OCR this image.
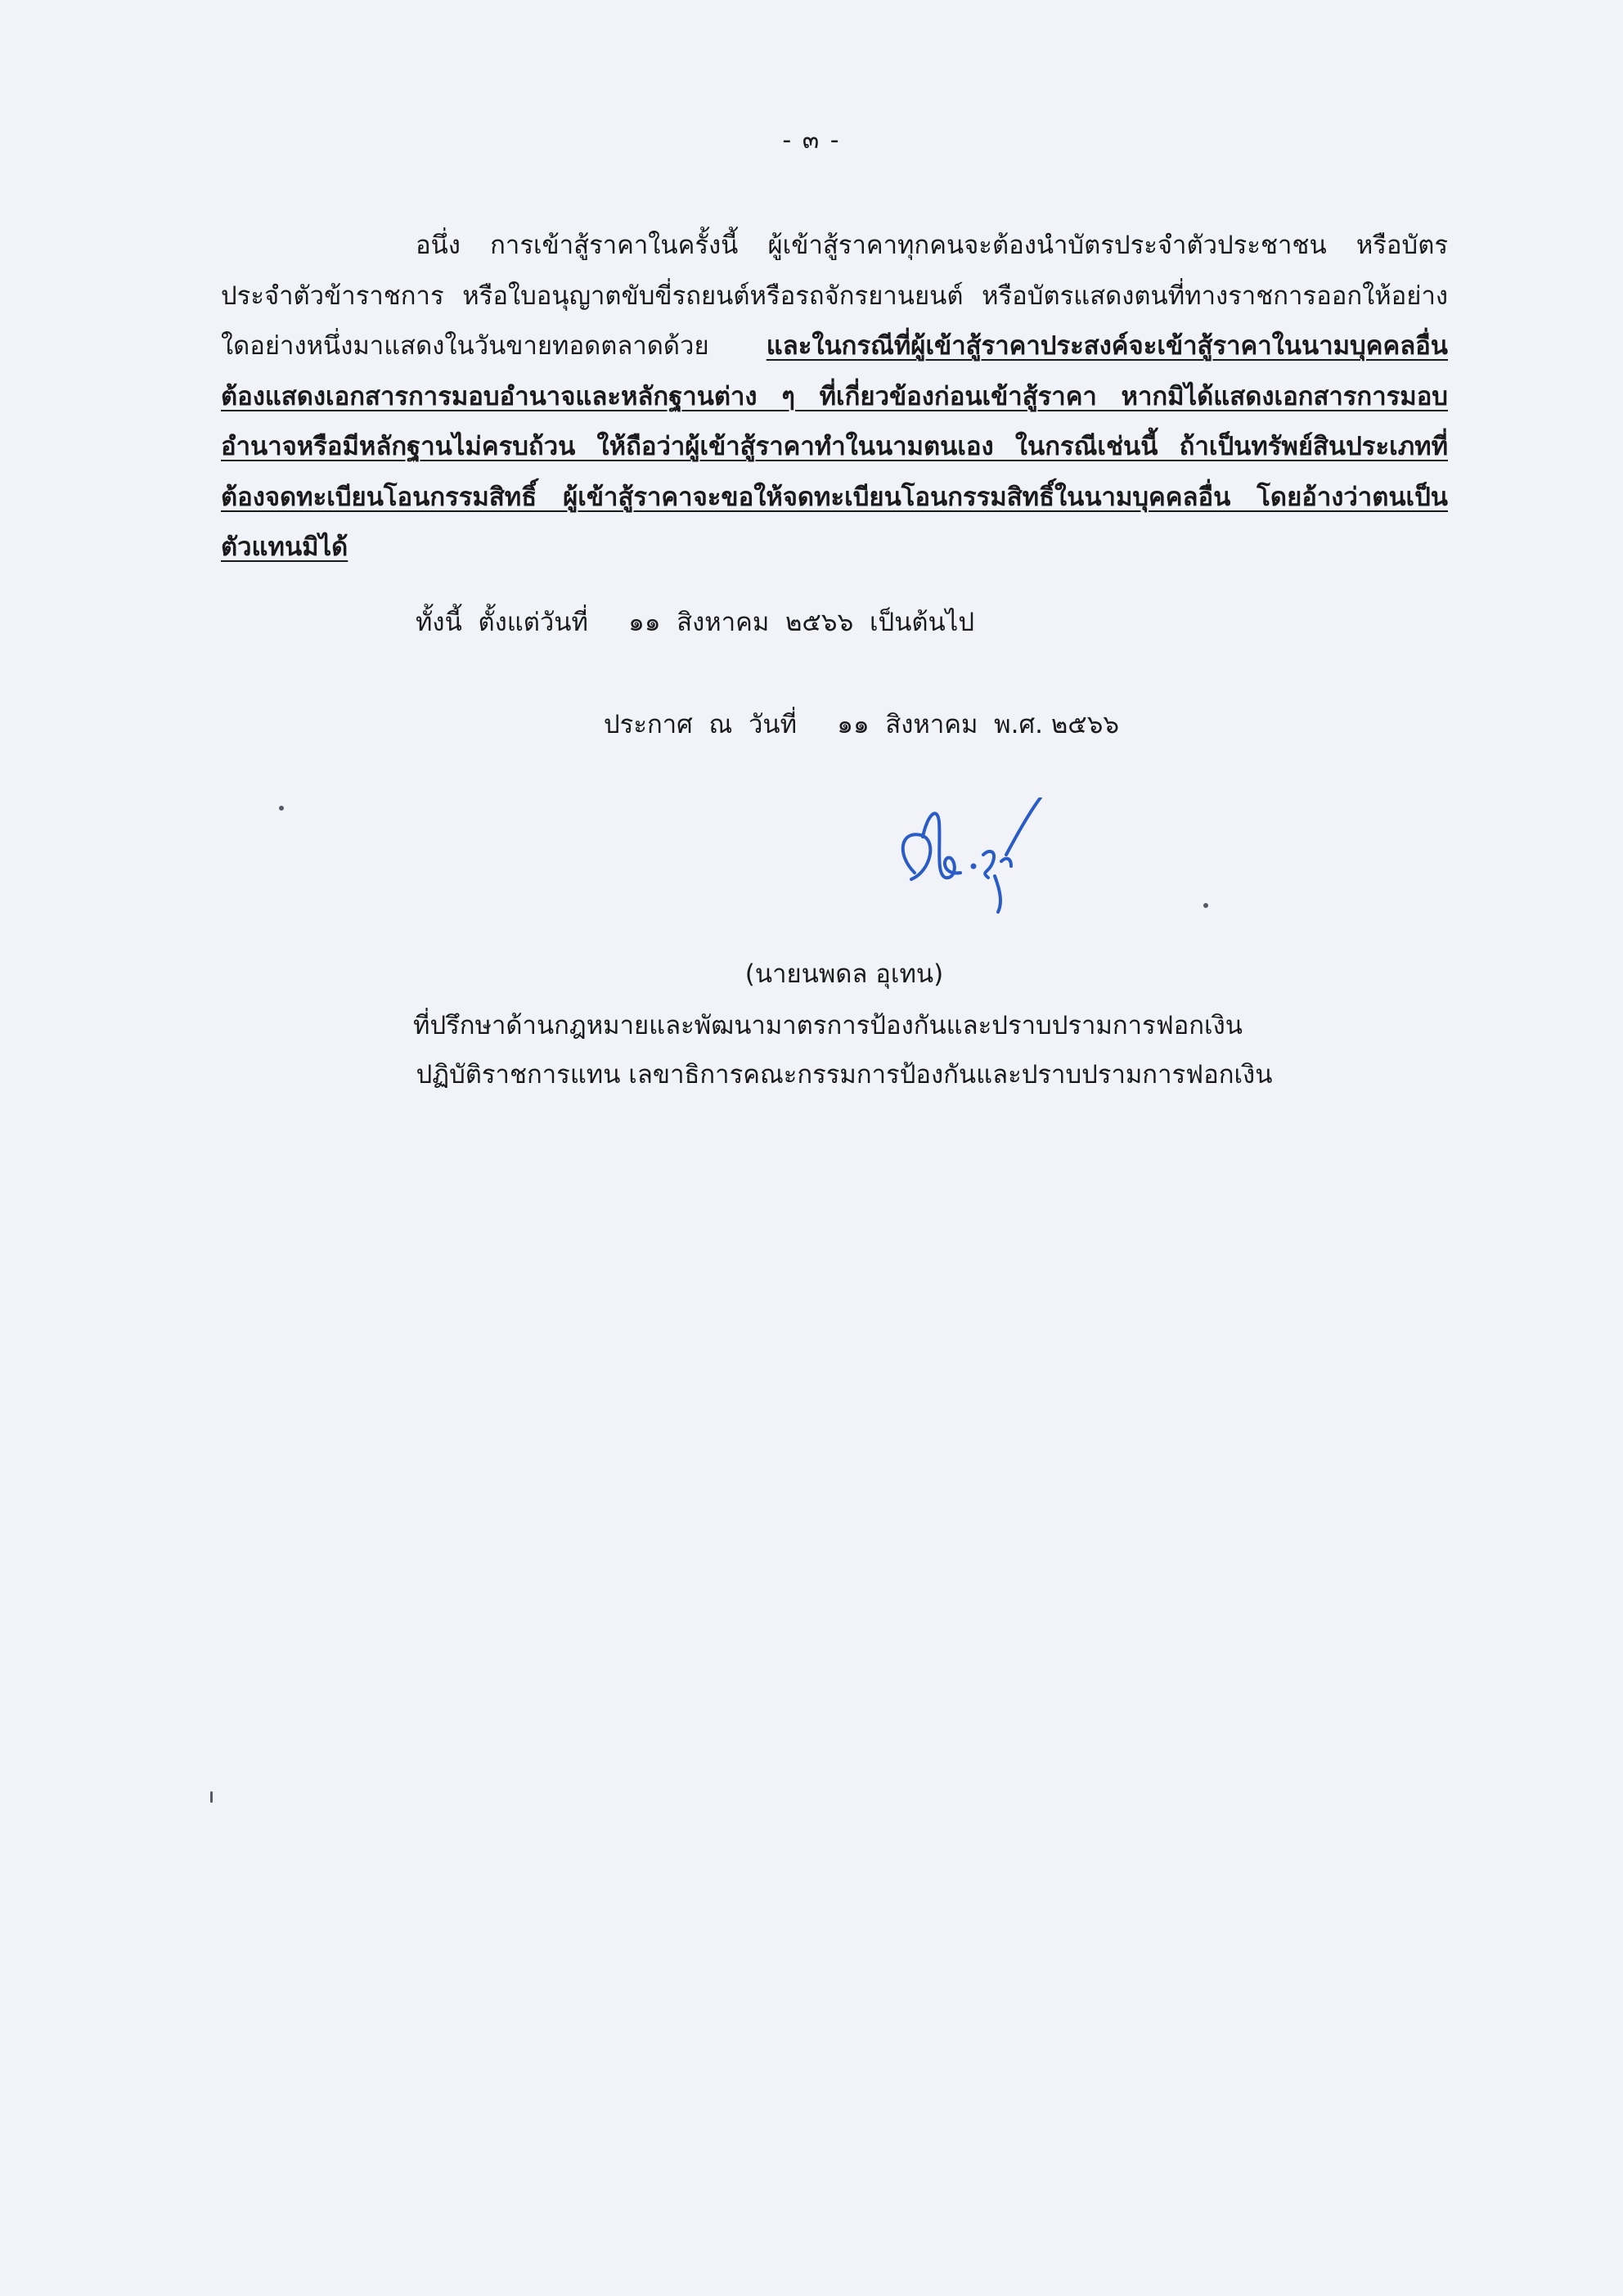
- ๓ -
อนึ่ง การเข้าสู้ราคาในครั้งนี้ ผู้เข้าสู้ราคาทุกคนจะต้องนำบัตรประจำตัวประชาชน หรือบัตรประจำตัวข้าราชการ หรือใบอนุญาตขับขี่รถยนต์หรือรถจักรยานยนต์ หรือบัตรแสดงตนที่ทางราชการออกให้อย่างใดอย่างหนึ่งมาแสดงในวันขายทอดตลาดด้วย และในกรณีที่ผู้เข้าสู้ราคาประสงค์จะเข้าสู้ราคาในนามบุคคลอื่น ต้องแสดงเอกสารการมอบอำนาจและหลักฐานต่าง ๆ ที่เกี่ยวข้องก่อนเข้าสู้ราคา หากมิได้แสดงเอกสารการมอบอำนาจหรือมีหลักฐานไม่ครบถ้วน ให้ถือว่าผู้เข้าสู้ราคาทำในนามตนเอง ในกรณีเช่นนี้ ถ้าเป็นทรัพย์สินประเภทที่ต้องจดทะเบียนโอนกรรมสิทธิ์ ผู้เข้าสู้ราคาจะขอให้จดทะเบียนโอนกรรมสิทธิ์ในนามบุคคลอื่น โดยอ้างว่าตนเป็นตัวแทนมิได้
ทั้งนี้  ตั้งแต่วันที่     ๑๑  สิงหาคม  ๒๕๖๖  เป็นต้นไป
ประกาศ  ณ  วันที่     ๑๑  สิงหาคม  พ.ศ. ๒๕๖๖
(นายนพดล อุเทน)
ที่ปรึกษาด้านกฎหมายและพัฒนามาตรการป้องกันและปราบปรามการฟอกเงิน
ปฏิบัติราชการแทน เลขาธิการคณะกรรมการป้องกันและปราบปรามการฟอกเงิน
